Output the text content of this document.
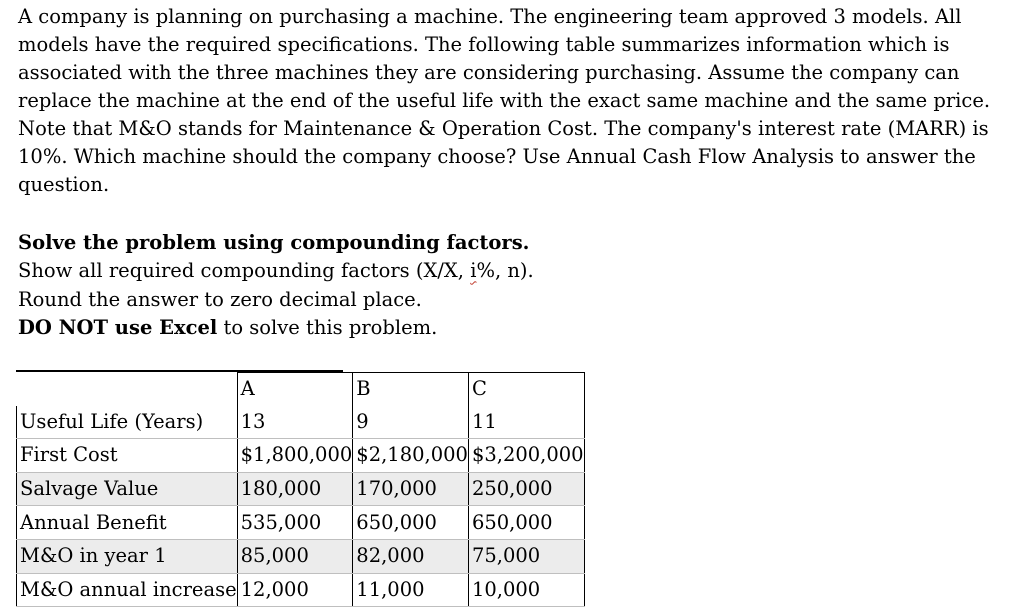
A company is planning on purchasing a machine. The engineering team approved 3 models. All models have the required specifications. The following table summarizes information which is associated with the three machines they are considering purchasing. Assume the company can replace the machine at the end of the useful life with the exact same machine and the same price. Note that M&O stands for Maintenance & Operation Cost. The company's interest rate (MARR) is 10%. Which machine should the company choose? Use Annual Cash Flow Analysis to answer the question.

Solve the problem using compounding factors.
Show all required compounding factors (X/X, i%, n).
Round the answer to zero decimal place.
DO NOT use Excel to solve this problem.
	A	B	C
Useful Life (Years)	13	9	11
First Cost	$1,800,000	$2,180,000	$3,200,000
Salvage Value	180,000	170,000	250,000
Annual Benefit	535,000	650,000	650,000
M&O in year 1	85,000	82,000	75,000
M&O annual increase	12,000	11,000	10,000
